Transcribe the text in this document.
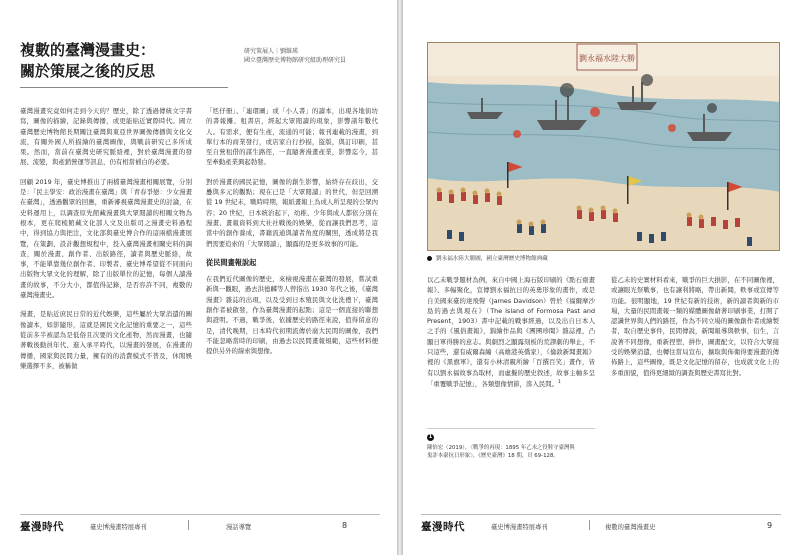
複數的臺灣漫畫史：
關於策展之後的反思
研究策展人｜劉維瑛
國立臺灣歷史博物館研究組助理研究員

臺灣漫畫究竟如何走到今天的？歷史，除了透過傳統文字書寫，圖像的描繪，記錄與傳播，或更能貼近實際時代。國立臺灣歷史博物館長期關注臺灣與東亞世界圖像傳播與文化交流，有關外國人所描繪的臺灣圖像，與戰前研究已多所成果。然而，當前在臺灣史研究脈絡裡，對於臺灣漫畫的發展、流變，與產銷營運等訊息，仍有相當補白的必要。

回顧 2019 年，臺史博推出了兩檔臺灣漫畫相關展覽，分別是：「民主學安：政治漫畫在臺灣」與「青春爭戀：少女漫畫在臺灣」，透過觀眾的回應，重新審視臺灣漫畫史的討論，在史料運用上，以調查原先館藏漫畫與大眾閱讀的相關文物為根本，更在爬梳館藏文化部人文及出版司之漫畫史料過程中，得到協力與把注，文化部與臺史博合作的這兩檔漫畫展覽，在策劃、設計觀想規程中，投入臺灣漫畫相關史料的調查，關於漫畫、創作者、出版路徑，讀者與歷史脈絡，故事，不能單靠幾位創作者、印製者、臺史博希望從不同面向出版物大眾文化的理解，除了出版單位的記憶，每個人讀漫畫的故事，不分大小，都值得記錄，是否容許不同，複數的臺灣漫畫史。

漫畫，是貼近庶民日常的近代娛樂，這些屬於大眾消遣的圖像讀本，如影隨形，這就是國民文化記憶的重要之一，這些從前多半被認為是低俗且次要的文化產物，然而漫畫，也隨著戰後動員年代、進入承平時代，以漫畫的發展，在漫畫的傳播，國家與民間力量，擁有的的消費模式不普及，休閒娛樂選擇不多，被稱做

「尪仔冊」、「連環圖」或「小人書」的讀本，出現各地街坊的書報攤、租書店，經起大眾閱讀的現象，影響諸年數代人。有需求，便有生產，流通的可能；報刊連載的漫畫，到單行本的商業發行，或店家自行抄描，盜版，與訂印刷，甚至自營租借的謀生路徑，一直隨著漫畫產業，影響迄今，甚至牽動產業興起勃發。

對於漫畫的國民記憶，圖像的創生影響，始終存在歧出，交疊與多元的觀點；現在已是「大眾閱讀」的世代，但是回溯從 19 世紀末，戰時時期，報紙畫報上為成人所呈現的公眾內容；20 世紀，日本統治起下，幼稚、少年與成人都依分別在漫畫、畫報資料到大社社戰後的娛樂，從而讓我們思考，這當中的創作養成，書籍流通與讀者角度的關照，透成將是我們需要追索的「大眾閱讀」，顯露的是更多故事的可能。

從民間畫報說起

在我們近代圖像的歷史，來檢視漫畫在臺灣的發展，嘗試重新與一觀眼，過去洪德麟等人曾指出 1930 年代之後，《臺灣漫畫》雜誌的出現，以及受到日本殖民與文化洗禮下，臺灣創作者被啟發，作為臺灣漫畫的起點；這是一個直接的聯想與證明。不過，戰爭後，依據歷史的路徑來說，值得留意的是，清代晚期，日本時代初期流傳於廣大民間的圖像，我們不能忽略當時的印刷，由過去以民間畫報規範，這些材料便提供另外的線索與想像。

臺漫時代	臺史博漫畫特展專刊	漫話導覽	8
劉永福水陸大勝
劉永福水陸大勝圖，國立臺灣歷史博物館典藏

以乙未戰爭題材為例，來自中國上海石版印刷的《點石齋畫報》、多幅聚化，宣傳劉永福抗日的英勇形象的畫作，或是自美國來臺的達飛聲（James Davidson）曾於《福爾摩沙島的過去與現在》（The Island of Formosa Past and Present，1903）書中記載的戰事經過，以及出自日本人之手的《風俗畫報》，錦繪作品與《團團珍聞》雜誌裡，凸顯日軍得勝的意志。與劇烈之顯露刻板的荒謬劇的舉止，不只這些，還有威爾森編（高雄港英僑家），《倫敦新聞畫報》裡的《黑旗軍》，還有小林清親所繪「百撰百笑」畫作，皆有以劉永福故事為取材，而虛擬的歷史敘述，故事主軸多呈「重覆戰爭記憶」，各類想像情節，滲入民間。$^1$

從乙未的史實材料看來，戰爭的巨大損影，在不同圖像裡，或讓眼光祭戰事，也有讓利將略，帶出新聞，軼事或宣傳等功能。很明顯地，19 世紀有新的技術，新的讀者與新的市場，大量的民間畫報一類的媒體圖像藉著印刷事業，打開了認識世界與人們的路徑，作為不同立場的圖像創作者或繪製者，取自歷史事件，民間傳說，新聞報導與軼事，衍生，言說著不同想像，重新捏塑，拼作，圖畫配文，以符合大眾接受的娛樂消遣，也轉往當局宣布，擴取與佈衛得要漫畫的傳佈路上，這些圖像，既是文化記憶的留存，也成就文化上的多重面貌，值得更細緻的調查與歷史書寫比對。

1
陳怡宏（2019），〈戰爭的再現：1895 年乙未之役鞋守臺灣與鬼詐本臺抗日形象〉，《歷史臺灣》18 期，頁 69-128。
臺漫時代	臺史博漫畫特展專刊	複數的臺灣漫畫史	9
